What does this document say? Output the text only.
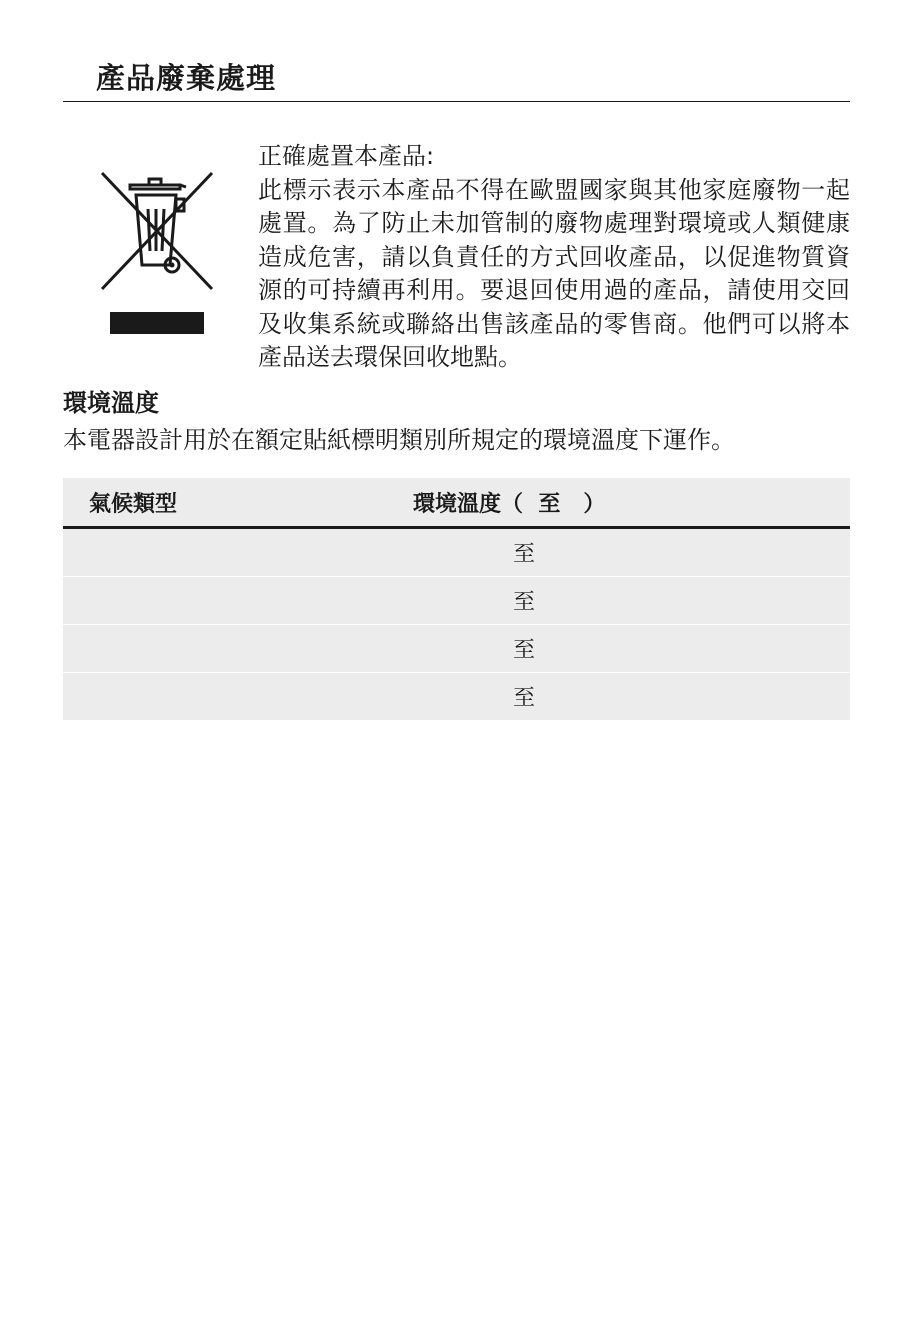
產品廢棄處理

正確處置本產品:

此標示表示本產品不得在歐盟國家與其他家庭廢物一起處置。為了防止未加管制的廢物處理對環境或人類健康造成危害，請以負責任的方式回收產品，以促進物質資源的可持續再利用。要退回使用過的產品，請使用交回及收集系統或聯絡出售該產品的零售商。他們可以將本產品送去環保回收地點。

環境溫度

本電器設計用於在額定貼紙標明類別所規定的環境溫度下運作。

氣候類型	環境溫度（ 至 ）
	至
	至
	至
	至
